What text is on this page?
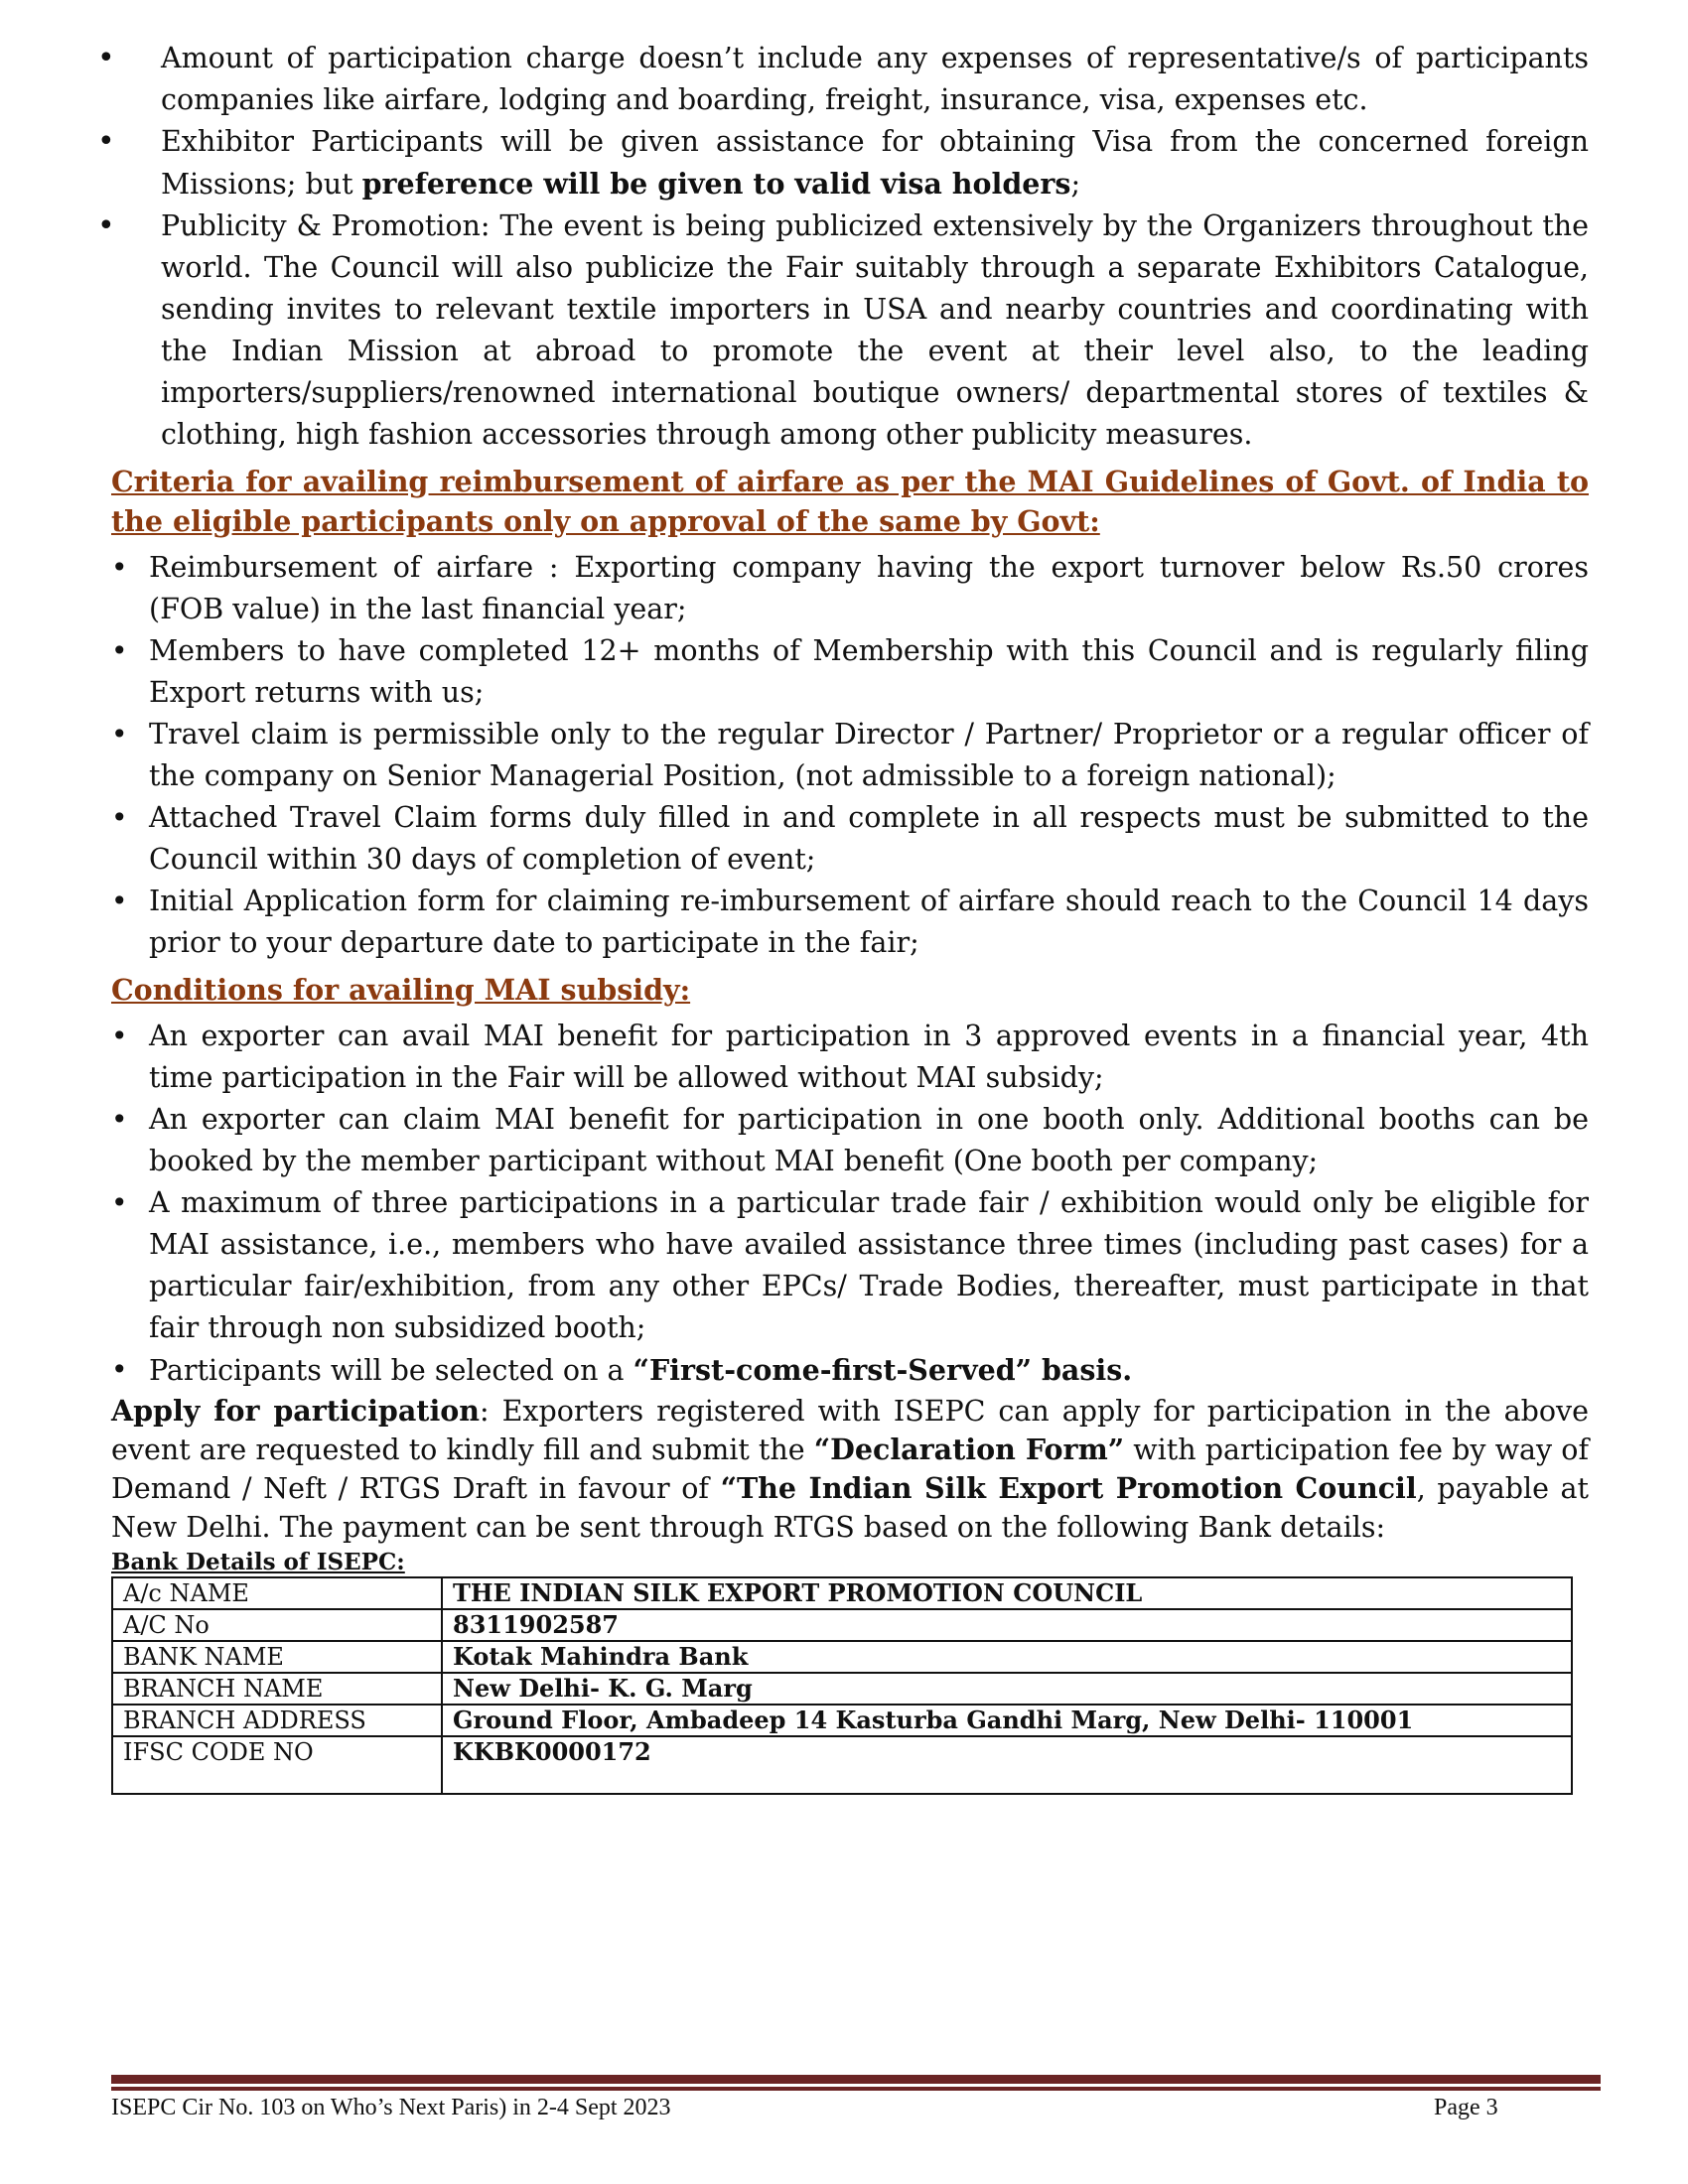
• Amount of participation charge doesn’t include any expenses of representative/s of participants companies like airfare, lodging and boarding, freight, insurance, visa, expenses etc.
• Exhibitor Participants will be given assistance for obtaining Visa from the concerned foreign Missions; but preference will be given to valid visa holders;
• Publicity & Promotion: The event is being publicized extensively by the Organizers throughout the world. The Council will also publicize the Fair suitably through a separate Exhibitors Catalogue, sending invites to relevant textile importers in USA and nearby countries and coordinating with the Indian Mission at abroad to promote the event at their level also, to the leading importers/suppliers/renowned international boutique owners/ departmental stores of textiles & clothing, high fashion accessories through among other publicity measures.
Criteria for availing reimbursement of airfare as per the MAI Guidelines of Govt. of India to the eligible participants only on approval of the same by Govt:
• Reimbursement of airfare : Exporting company having the export turnover below Rs.50 crores (FOB value) in the last financial year;
• Members to have completed 12+ months of Membership with this Council and is regularly filing Export returns with us;
• Travel claim is permissible only to the regular Director / Partner/ Proprietor or a regular officer of the company on Senior Managerial Position, (not admissible to a foreign national);
• Attached Travel Claim forms duly filled in and complete in all respects must be submitted to the Council within 30 days of completion of event;
• Initial Application form for claiming re-imbursement of airfare should reach to the Council 14 days prior to your departure date to participate in the fair;
Conditions for availing MAI subsidy:
• An exporter can avail MAI benefit for participation in 3 approved events in a financial year, 4th time participation in the Fair will be allowed without MAI subsidy;
• An exporter can claim MAI benefit for participation in one booth only. Additional booths can be booked by the member participant without MAI benefit (One booth per company;
• A maximum of three participations in a particular trade fair / exhibition would only be eligible for MAI assistance, i.e., members who have availed assistance three times (including past cases) for a particular fair/exhibition, from any other EPCs/ Trade Bodies, thereafter, must participate in that fair through non subsidized booth;
• Participants will be selected on a “First-come-first-Served” basis.
Apply for participation: Exporters registered with ISEPC can apply for participation in the above event are requested to kindly fill and submit the “Declaration Form” with participation fee by way of Demand / Neft / RTGS Draft in favour of “The Indian Silk Export Promotion Council, payable at New Delhi. The payment can be sent through RTGS based on the following Bank details:
Bank Details of ISEPC:
A/c NAME	THE INDIAN SILK EXPORT PROMOTION COUNCIL
A/C No	8311902587
BANK NAME	Kotak Mahindra Bank
BRANCH NAME	New Delhi- K. G. Marg
BRANCH ADDRESS	Ground Floor, Ambadeep 14 Kasturba Gandhi Marg, New Delhi- 110001
IFSC CODE NO	KKBK0000172
ISEPC Cir No. 103 on Who’s Next Paris) in 2-4 Sept 2023	Page 3
